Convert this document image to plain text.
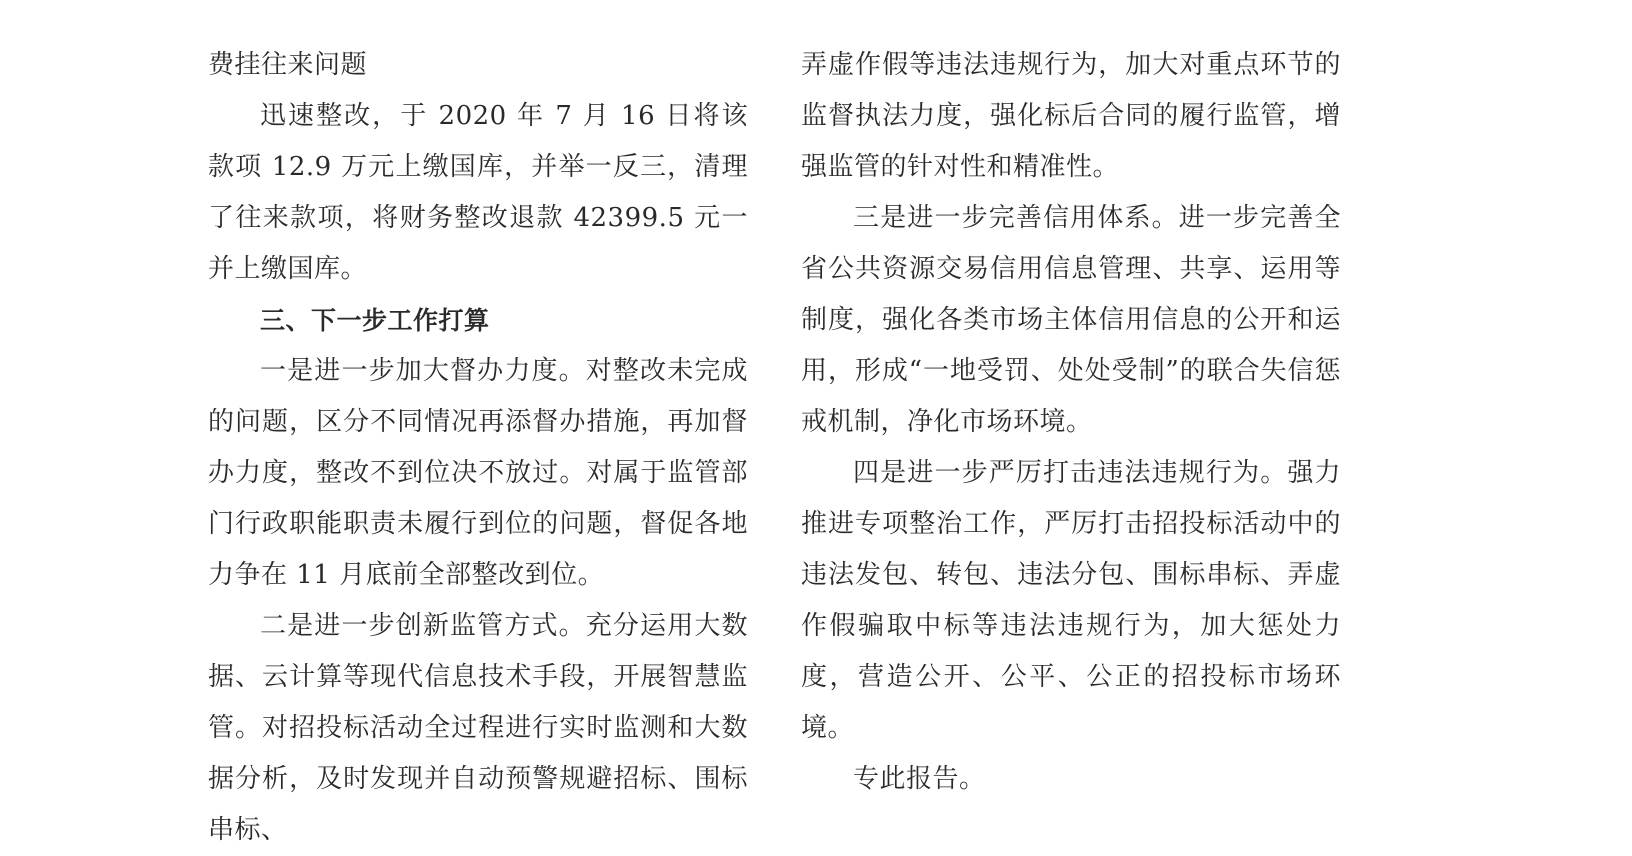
费挂往来问题

迅速整改，于 2020 年 7 月 16 日将该款项 12.9 万元上缴国库，并举一反三，清理了往来款项，将财务整改退款 42399.5 元一并上缴国库。

三、下一步工作打算

一是进一步加大督办力度。对整改未完成的问题，区分不同情况再添督办措施，再加督办力度，整改不到位决不放过。对属于监管部门行政职能职责未履行到位的问题，督促各地力争在 11 月底前全部整改到位。

二是进一步创新监管方式。充分运用大数据、云计算等现代信息技术手段，开展智慧监管。对招投标活动全过程进行实时监测和大数据分析，及时发现并自动预警规避招标、围标串标、

弄虚作假等违法违规行为，加大对重点环节的监督执法力度，强化标后合同的履行监管，增强监管的针对性和精准性。

三是进一步完善信用体系。进一步完善全省公共资源交易信用信息管理、共享、运用等制度，强化各类市场主体信用信息的公开和运用，形成“一地受罚、处处受制”的联合失信惩戒机制，净化市场环境。

四是进一步严厉打击违法违规行为。强力推进专项整治工作，严厉打击招投标活动中的违法发包、转包、违法分包、围标串标、弄虚作假骗取中标等违法违规行为，加大惩处力度，营造公开、公平、公正的招投标市场环境。

专此报告。
